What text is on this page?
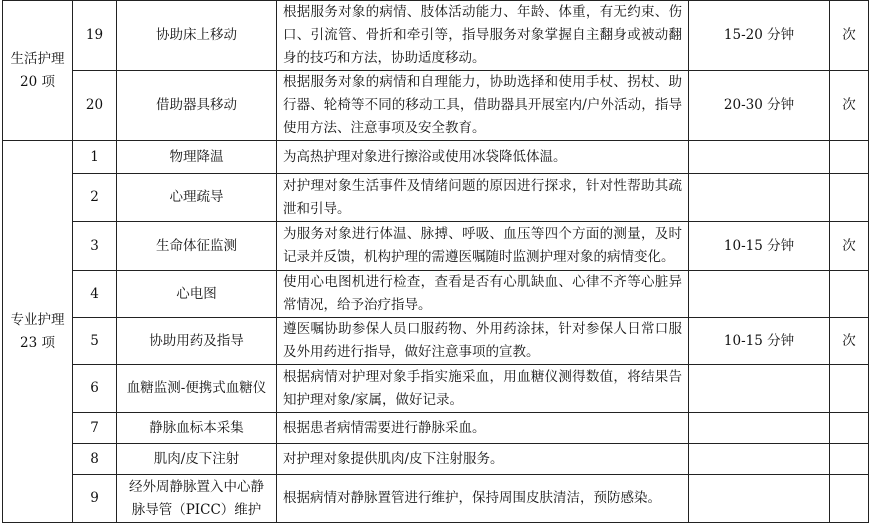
生活护理 20 项	19	协助床上移动	根据服务对象的病情、肢体活动能力、年龄、体重，有无约束、伤口、引流管、骨折和牵引等，指导服务对象掌握自主翻身或被动翻身的技巧和方法，协助适度移动。	15-20 分钟	次
	20	借助器具移动	根据服务对象的病情和自理能力，协助选择和使用手杖、拐杖、助行器、轮椅等不同的移动工具，借助器具开展室内/户外活动，指导使用方法、注意事项及安全教育。	20-30 分钟	次
专业护理 23 项	1	物理降温	为高热护理对象进行擦浴或使用冰袋降低体温。		
	2	心理疏导	对护理对象生活事件及情绪问题的原因进行探求，针对性帮助其疏泄和引导。		
	3	生命体征监测	为服务对象进行体温、脉搏、呼吸、血压等四个方面的测量，及时记录并反馈，机构护理的需遵医嘱随时监测护理对象的病情变化。	10-15 分钟	次
	4	心电图	使用心电图机进行检查，查看是否有心肌缺血、心律不齐等心脏异常情况，给予治疗指导。		
	5	协助用药及指导	遵医嘱协助参保人员口服药物、外用药涂抹，针对参保人日常口服及外用药进行指导，做好注意事项的宣教。	10-15 分钟	次
	6	血糖监测-便携式血糖仪	根据病情对护理对象手指实施采血，用血糖仪测得数值，将结果告知护理对象/家属，做好记录。		
	7	静脉血标本采集	根据患者病情需要进行静脉采血。		
	8	肌肉/皮下注射	对护理对象提供肌肉/皮下注射服务。		
	9	经外周静脉置入中心静脉导管（PICC）维护	根据病情对静脉置管进行维护，保持周围皮肤清洁，预防感染。		
